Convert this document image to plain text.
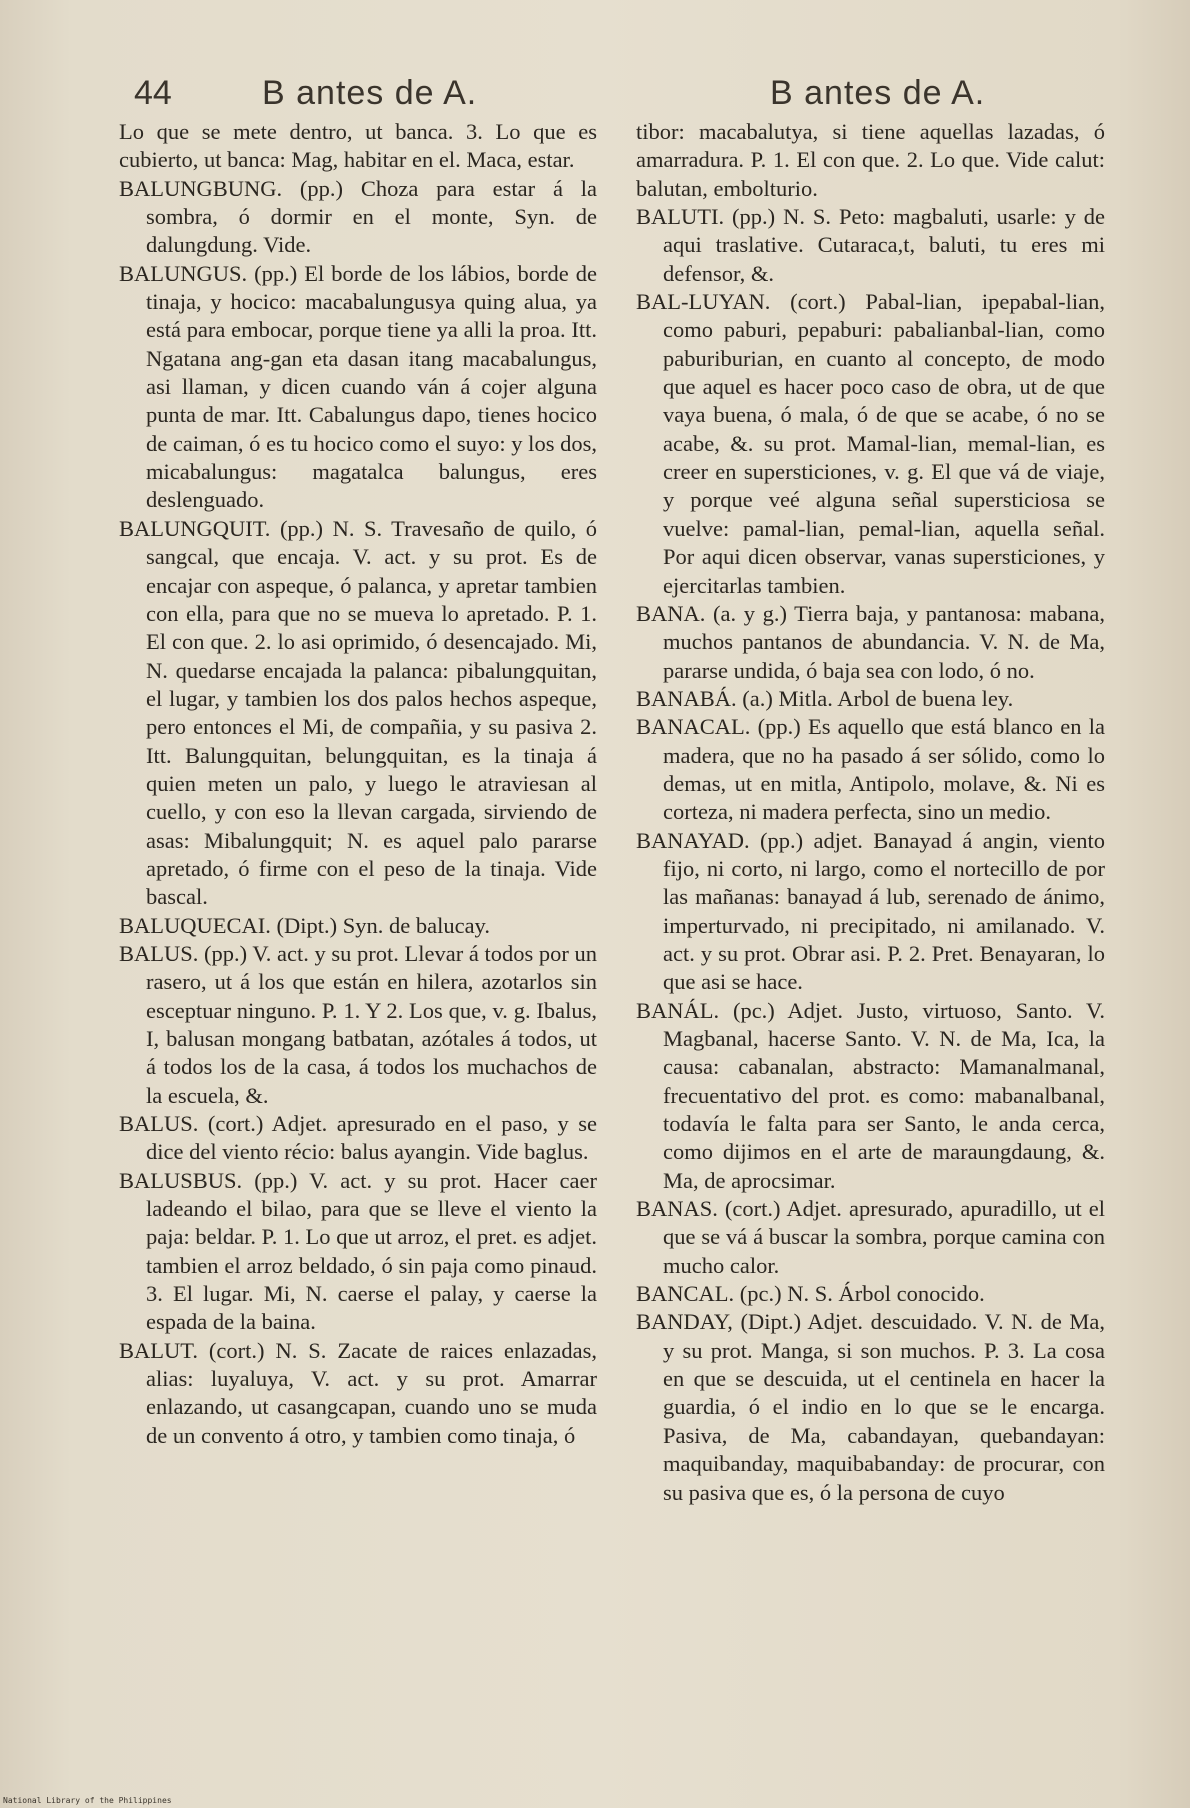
44	B antes de A.	B antes de A.

Lo que se mete dentro, ut banca. 3. Lo que es cubierto, ut banca: Mag, habitar en el. Maca, estar.

BALUNGBUNG. (pp.) Choza para estar á la sombra, ó dormir en el monte, Syn. de dalungdung. Vide.

BALUNGUS. (pp.) El borde de los lábios, borde de tinaja, y hocico: macabalungusya quing alua, ya está para embocar, porque tiene ya alli la proa. Itt. Ngatana ang-gan eta dasan itang macabalungus, asi llaman, y dicen cuando ván á cojer alguna punta de mar. Itt. Cabalungus dapo, tienes hocico de caiman, ó es tu hocico como el suyo: y los dos, micabalungus: magatalca balungus, eres deslenguado.

BALUNGQUIT. (pp.) N. S. Travesaño de quilo, ó sangcal, que encaja. V. act. y su prot. Es de encajar con aspeque, ó palanca, y apretar tambien con ella, para que no se mueva lo apretado. P. 1. El con que. 2. lo asi oprimido, ó desencajado. Mi, N. quedarse encajada la palanca: pibalungquitan, el lugar, y tambien los dos palos hechos aspeque, pero entonces el Mi, de compañia, y su pasiva 2. Itt. Balungquitan, belungquitan, es la tinaja á quien meten un palo, y luego le atraviesan al cuello, y con eso la llevan cargada, sirviendo de asas: Mibalungquit; N. es aquel palo pararse apretado, ó firme con el peso de la tinaja. Vide bascal.

BALUQUECAI. (Dipt.) Syn. de balucay.

BALUS. (pp.) V. act. y su prot. Llevar á todos por un rasero, ut á los que están en hilera, azotarlos sin esceptuar ninguno. P. 1. Y 2. Los que, v. g. Ibalus, I, balusan mongang batbatan, azótales á todos, ut á todos los de la casa, á todos los muchachos de la escuela, &.

BALUS. (cort.) Adjet. apresurado en el paso, y se dice del viento récio: balus ayangin. Vide baglus.

BALUSBUS. (pp.) V. act. y su prot. Hacer caer ladeando el bilao, para que se lleve el viento la paja: beldar. P. 1. Lo que ut arroz, el pret. es adjet. tambien el arroz beldado, ó sin paja como pinaud. 3. El lugar. Mi, N. caerse el palay, y caerse la espada de la baina.

BALUT. (cort.) N. S. Zacate de raices enlazadas, alias: luyaluya, V. act. y su prot. Amarrar enlazando, ut casangcapan, cuando uno se muda de un convento á otro, y tambien como tinaja, ó

tibor: macabalutya, si tiene aquellas lazadas, ó amarradura. P. 1. El con que. 2. Lo que. Vide calut: balutan, embolturio.

BALUTI. (pp.) N. S. Peto: magbaluti, usarle: y de aqui traslative. Cutaraca,t, baluti, tu eres mi defensor, &.

BAL-LUYAN. (cort.) Pabal-lian, ipepabal-lian, como paburi, pepaburi: pabalianbal-lian, como paburiburian, en cuanto al concepto, de modo que aquel es hacer poco caso de obra, ut de que vaya buena, ó mala, ó de que se acabe, ó no se acabe, &. su prot. Mamal-lian, memal-lian, es creer en supersticiones, v. g. El que vá de viaje, y porque veé alguna señal supersticiosa se vuelve: pamal-lian, pemal-lian, aquella señal. Por aqui dicen observar, vanas supersticiones, y ejercitarlas tambien.

BANA. (a. y g.) Tierra baja, y pantanosa: mabana, muchos pantanos de abundancia. V. N. de Ma, pararse undida, ó baja sea con lodo, ó no.

BANABÁ. (a.) Mitla. Arbol de buena ley.

BANACAL. (pp.) Es aquello que está blanco en la madera, que no ha pasado á ser sólido, como lo demas, ut en mitla, Antipolo, molave, &. Ni es corteza, ni madera perfecta, sino un medio.

BANAYAD. (pp.) adjet. Banayad á angin, viento fijo, ni corto, ni largo, como el nortecillo de por las mañanas: banayad á lub, serenado de ánimo, imperturvado, ni precipitado, ni amilanado. V. act. y su prot. Obrar asi. P. 2. Pret. Benayaran, lo que asi se hace.

BANÁL. (pc.) Adjet. Justo, virtuoso, Santo. V. Magbanal, hacerse Santo. V. N. de Ma, Ica, la causa: cabanalan, abstracto: Mamanalmanal, frecuentativo del prot. es como: mabanalbanal, todavía le falta para ser Santo, le anda cerca, como dijimos en el arte de maraungdaung, &. Ma, de aprocsimar.

BANAS. (cort.) Adjet. apresurado, apuradillo, ut el que se vá á buscar la sombra, porque camina con mucho calor.

BANCAL. (pc.) N. S. Árbol conocido.

BANDAY, (Dipt.) Adjet. descuidado. V. N. de Ma, y su prot. Manga, si son muchos. P. 3. La cosa en que se descuida, ut el centinela en hacer la guardia, ó el indio en lo que se le encarga. Pasiva, de Ma, cabandayan, quebandayan: maquibanday, maquibabanday: de procurar, con su pasiva que es, ó la persona de cuyo

National Library of the Philippines
